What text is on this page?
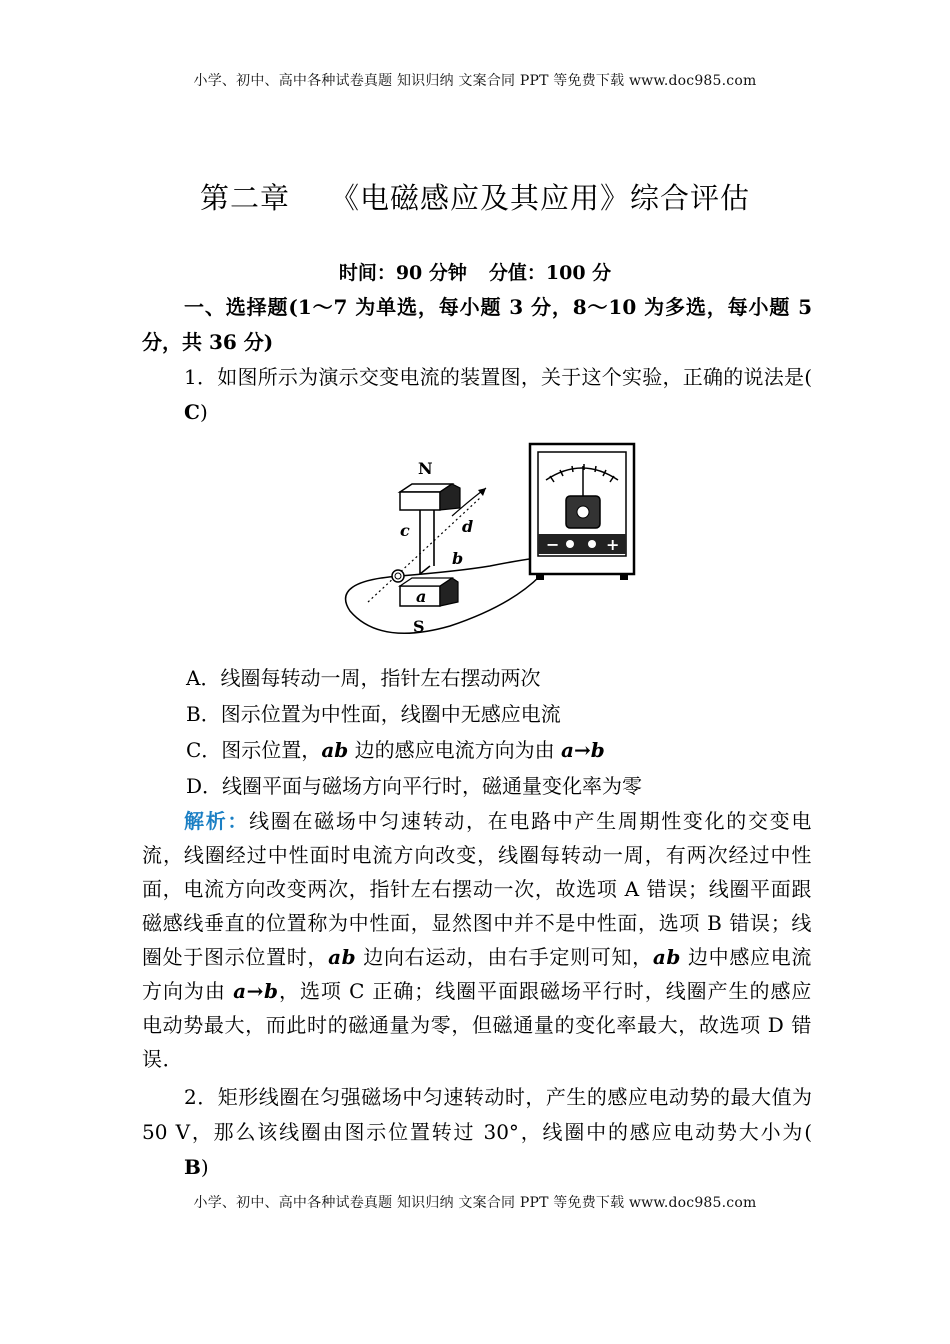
小学、初中、高中各种试卷真题 知识归纳 文案合同 PPT 等免费下载 www.doc985.com
第二章 《电磁感应及其应用》综合评估
时间：90 分钟 分值：100 分

一、选择题(1～7 为单选，每小题 3 分，8～10 为多选，每小题 5 分，共 36 分)

1．如图所示为演示交变电流的装置图，关于这个实验，正确的说法是(C)

N
S
c	d
b
a
−	+

A．线圈每转动一周，指针左右摆动两次

B．图示位置为中性面，线圈中无感应电流

C．图示位置，ab 边的感应电流方向为由 a→b

D．线圈平面与磁场方向平行时，磁通量变化率为零

解析：线圈在磁场中匀速转动，在电路中产生周期性变化的交变电流，线圈经过中性面时电流方向改变，线圈每转动一周，有两次经过中性面，电流方向改变两次，指针左右摆动一次，故选项 A 错误；线圈平面跟磁感线垂直的位置称为中性面，显然图中并不是中性面，选项 B 错误；线圈处于图示位置时，ab 边向右运动，由右手定则可知，ab 边中感应电流方向为由 a→b，选项 C 正确；线圈平面跟磁场平行时，线圈产生的感应电动势最大，而此时的磁通量为零，但磁通量的变化率最大，故选项 D 错误．

2．矩形线圈在匀强磁场中匀速转动时，产生的感应电动势的最大值为 50 V，那么该线圈由图示位置转过 30°，线圈中的感应电动势大小为(B)

小学、初中、高中各种试卷真题 知识归纳 文案合同 PPT 等免费下载 www.doc985.com
